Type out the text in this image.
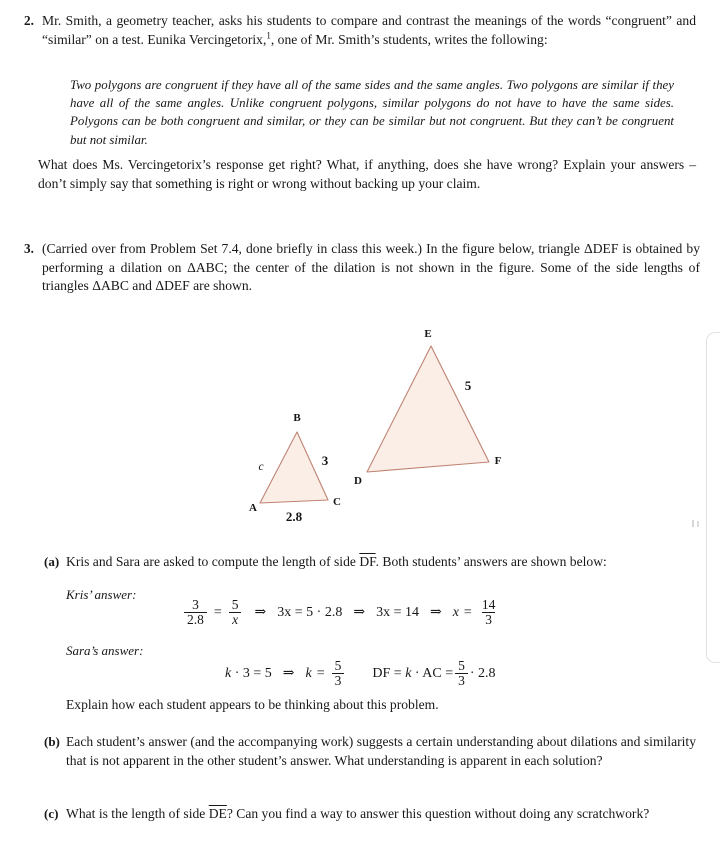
2. Mr. Smith, a geometry teacher, asks his students to compare and contrast the meanings of the words “congruent” and “similar” on a test. Eunika Vercingetorix,$^1$, one of Mr. Smith’s students, writes the following:

Two polygons are congruent if they have all of the same sides and the same angles. Two polygons are similar if they have all of the same angles. Unlike congruent polygons, similar polygons do not have to have the same sides. Polygons can be both congruent and similar, or they can be similar but not congruent. But they can’t be congruent but not similar.
What does Ms. Vercingetorix’s response get right? What, if anything, does she have wrong? Explain your answers – don’t simply say that something is right or wrong without backing up your claim.
3. (Carried over from Problem Set 7.4, done briefly in class this week.) In the figure below, triangle ΔDEF is obtained by performing a dilation on ΔABC; the center of the dilation is not shown in the figure. Some of the side lengths of triangles ΔABC and ΔDEF are shown.
E
D
F
5
B
A	C
c	3
2.8
(a) Kris and Sara are asked to compute the length of side $\overline{DF}$. Both students’ answers are shown below:
Kris’ answer:
$\frac{3}{2.8} = \frac{5}{x}$ ⇒ 3x = 5 · 2.8 ⇒ 3x = 14 ⇒ $x = \frac{14}{3}$
Sara’s answer:
k · 3 = 5 ⇒ $k = \frac{5}{3}$ DF = k · AC = $\frac{5}{3} \cdot 2.8$
Explain how each student appears to be thinking about this problem.
(b) Each student’s answer (and the accompanying work) suggests a certain understanding about dilations and similarity that is not apparent in the other student’s answer. What understanding is apparent in each solution?
(c) What is the length of side $\overline{DE}$? Can you find a way to answer this question without doing any scratchwork?
